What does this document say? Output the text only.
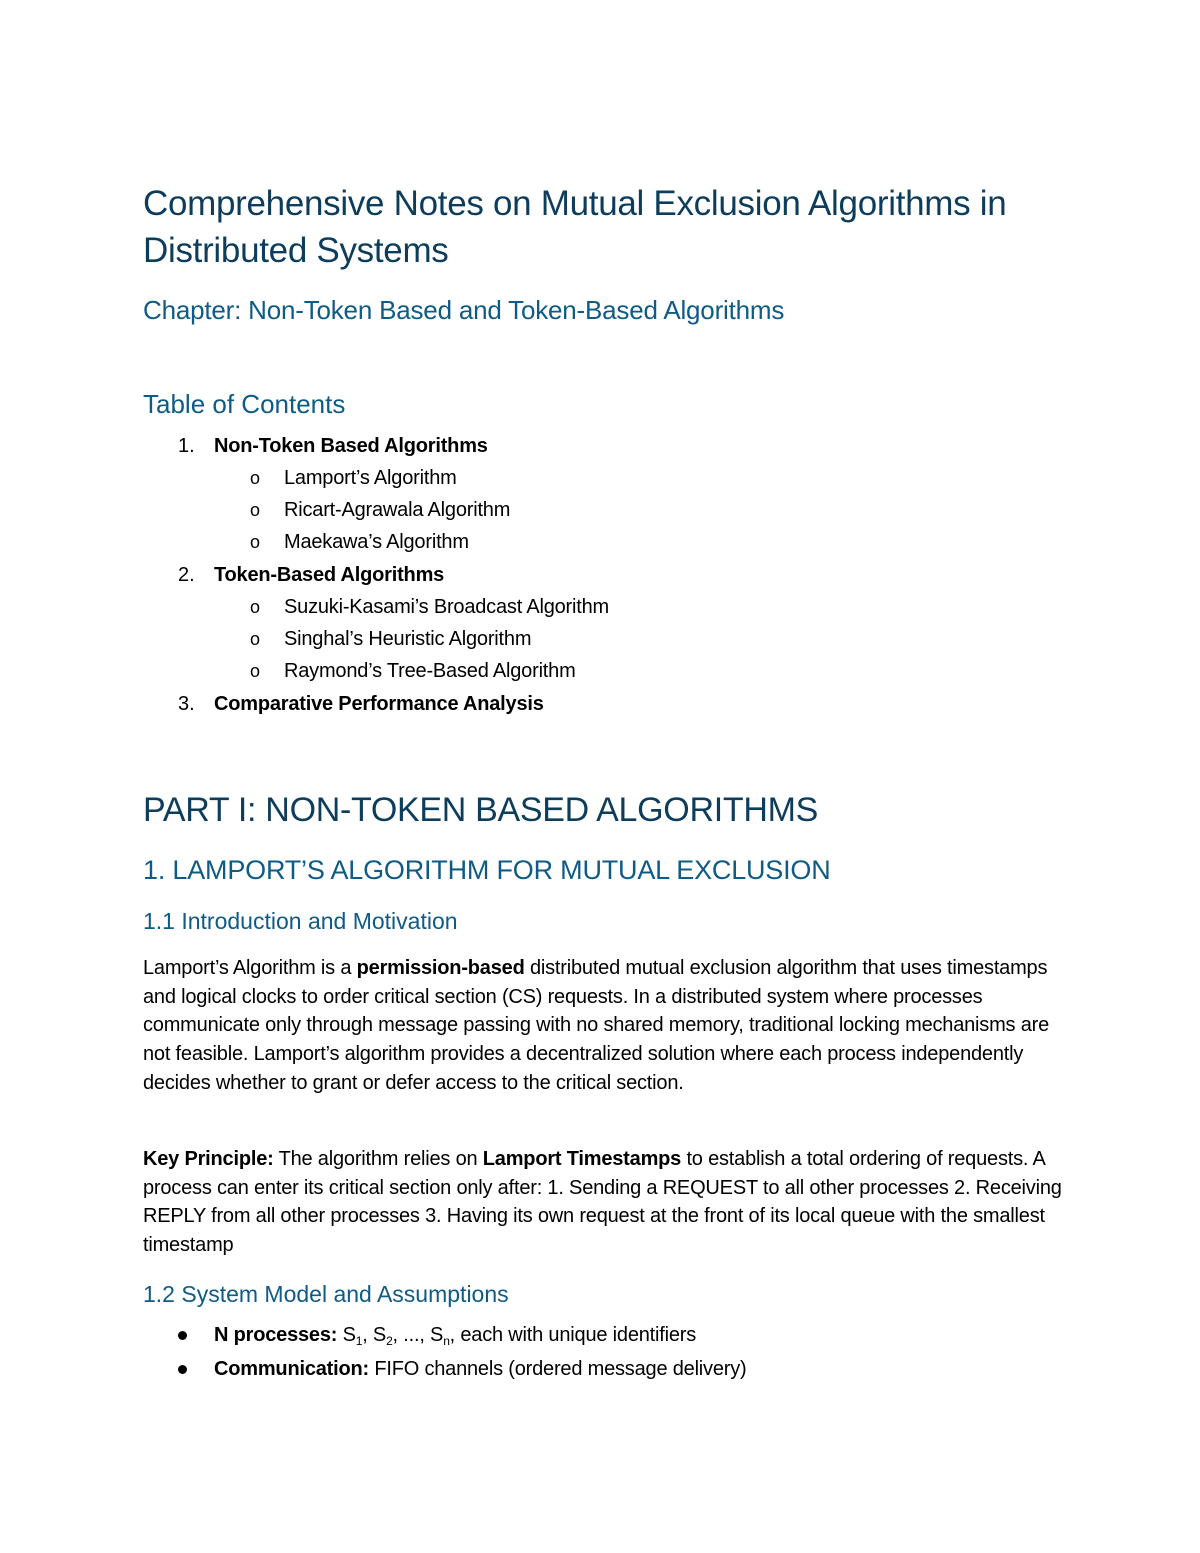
Comprehensive Notes on Mutual Exclusion Algorithms in Distributed Systems
Chapter: Non-Token Based and Token-Based Algorithms
Table of Contents
1. Non-Token Based Algorithms
o Lamport’s Algorithm
o Ricart-Agrawala Algorithm
o Maekawa’s Algorithm
2. Token-Based Algorithms
o Suzuki-Kasami’s Broadcast Algorithm
o Singhal’s Heuristic Algorithm
o Raymond’s Tree-Based Algorithm
3. Comparative Performance Analysis
PART I: NON-TOKEN BASED ALGORITHMS
1. LAMPORT’S ALGORITHM FOR MUTUAL EXCLUSION
1.1 Introduction and Motivation

Lamport’s Algorithm is a permission-based distributed mutual exclusion algorithm that uses timestamps and logical clocks to order critical section (CS) requests. In a distributed system where processes communicate only through message passing with no shared memory, traditional locking mechanisms are not feasible. Lamport’s algorithm provides a decentralized solution where each process independently decides whether to grant or defer access to the critical section.

Key Principle: The algorithm relies on Lamport Timestamps to establish a total ordering of requests. A process can enter its critical section only after: 1. Sending a REQUEST to all other processes 2. Receiving REPLY from all other processes 3. Having its own request at the front of its local queue with the smallest timestamp

1.2 System Model and Assumptions
N processes: $S_1$, $S_2$, ..., $S_n$, each with unique identifiers
Communication: FIFO channels (ordered message delivery)
